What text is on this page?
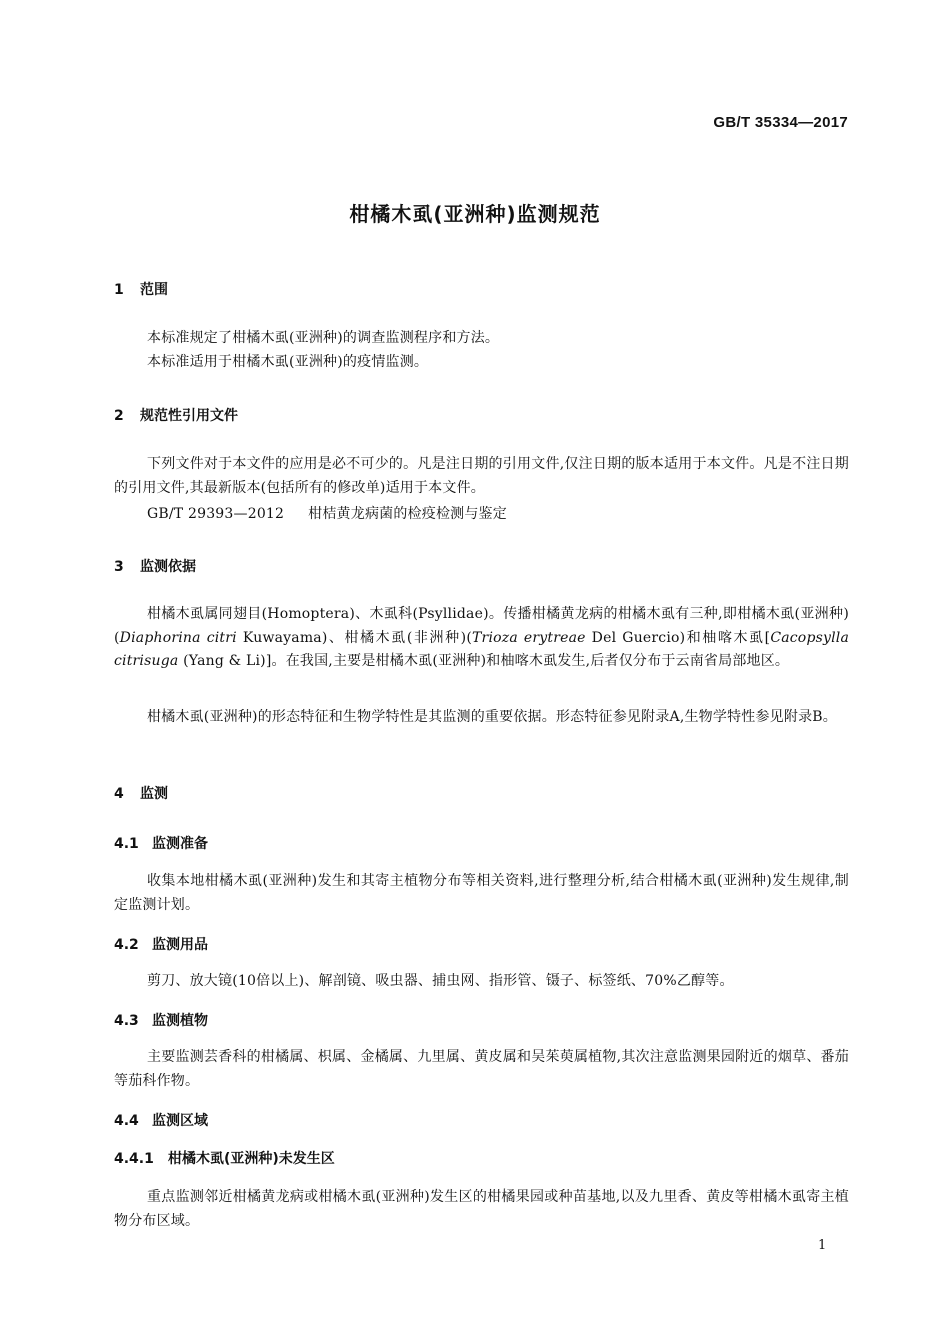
GB/T 35334—2017
柑橘木虱(亚洲种)监测规范
1 范围
本标准规定了柑橘木虱(亚洲种)的调查监测程序和方法。
本标准适用于柑橘木虱(亚洲种)的疫情监测。
2 规范性引用文件
下列文件对于本文件的应用是必不可少的。凡是注日期的引用文件,仅注日期的版本适用于本文件。凡是不注日期的引用文件,其最新版本(包括所有的修改单)适用于本文件。
GB/T 29393—2012 柑桔黄龙病菌的检疫检测与鉴定
3 监测依据
柑橘木虱属同翅目(Homoptera)、木虱科(Psyllidae)。传播柑橘黄龙病的柑橘木虱有三种,即柑橘木虱(亚洲种)(Diaphorina citri Kuwayama)、柑橘木虱(非洲种)(Trioza erytreae Del Guercio)和柚喀木虱[Cacopsylla citrisuga (Yang & Li)]。在我国,主要是柑橘木虱(亚洲种)和柚喀木虱发生,后者仅分布于云南省局部地区。
柑橘木虱(亚洲种)的形态特征和生物学特性是其监测的重要依据。形态特征参见附录A,生物学特性参见附录B。
4 监测
4.1 监测准备
收集本地柑橘木虱(亚洲种)发生和其寄主植物分布等相关资料,进行整理分析,结合柑橘木虱(亚洲种)发生规律,制定监测计划。
4.2 监测用品
剪刀、放大镜(10倍以上)、解剖镜、吸虫器、捕虫网、指形管、镊子、标签纸、70%乙醇等。
4.3 监测植物
主要监测芸香科的柑橘属、枳属、金橘属、九里属、黄皮属和吴茱萸属植物,其次注意监测果园附近的烟草、番茄等茄科作物。
4.4 监测区域
4.4.1 柑橘木虱(亚洲种)未发生区
重点监测邻近柑橘黄龙病或柑橘木虱(亚洲种)发生区的柑橘果园或种苗基地,以及九里香、黄皮等柑橘木虱寄主植物分布区域。
1
